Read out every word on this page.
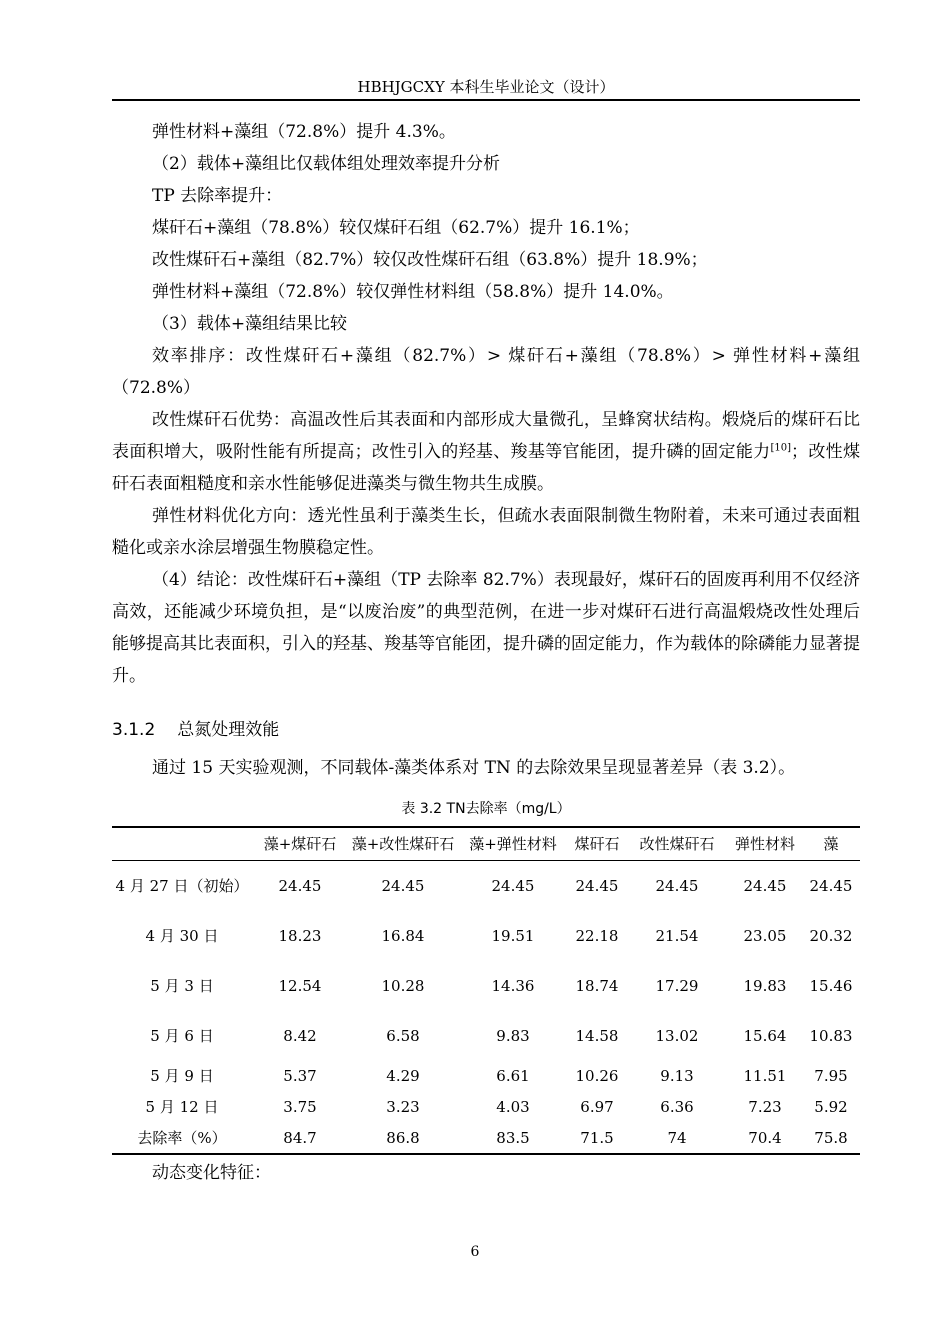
HBHJGCXY 本科生毕业论文（设计）

弹性材料+藻组（72.8%）提升 4.3%。

（2）载体+藻组比仅载体组处理效率提升分析

TP 去除率提升：

煤矸石+藻组（78.8%）较仅煤矸石组（62.7%）提升 16.1%；

改性煤矸石+藻组（82.7%）较仅改性煤矸石组（63.8%）提升 18.9%；

弹性材料+藻组（72.8%）较仅弹性材料组（58.8%）提升 14.0%。

（3）载体+藻组结果比较

效率排序：改性煤矸石+藻组（82.7%）> 煤矸石+藻组（78.8%）> 弹性材料+藻组（72.8%）

改性煤矸石优势：高温改性后其表面和内部形成大量微孔，呈蜂窝状结构。煅烧后的煤矸石比表面积增大，吸附性能有所提高；改性引入的羟基、羧基等官能团，提升磷的固定能力[10]；改性煤矸石表面粗糙度和亲水性能够促进藻类与微生物共生成膜。

弹性材料优化方向：透光性虽利于藻类生长，但疏水表面限制微生物附着，未来可通过表面粗糙化或亲水涂层增强生物膜稳定性。

（4）结论：改性煤矸石+藻组（TP 去除率 82.7%）表现最好，煤矸石的固废再利用不仅经济高效，还能减少环境负担，是“以废治废”的典型范例，在进一步对煤矸石进行高温煅烧改性处理后能够提高其比表面积，引入的羟基、羧基等官能团，提升磷的固定能力，作为载体的除磷能力显著提升。

3.1.2 总氮处理效能

通过 15 天实验观测，不同载体-藻类体系对 TN 的去除效果呈现显著差异（表 3.2）。

表 3.2 TN去除率（mg/L）
	藻+煤矸石	藻+改性煤矸石	藻+弹性材料	煤矸石	改性煤矸石	弹性材料	藻
4 月 27 日（初始）	24.45	24.45	24.45	24.45	24.45	24.45	24.45
4 月 30 日	18.23	16.84	19.51	22.18	21.54	23.05	20.32
5 月 3 日	12.54	10.28	14.36	18.74	17.29	19.83	15.46
5 月 6 日	8.42	6.58	9.83	14.58	13.02	15.64	10.83
5 月 9 日	5.37	4.29	6.61	10.26	9.13	11.51	7.95
5 月 12 日	3.75	3.23	4.03	6.97	6.36	7.23	5.92
去除率（%）	84.7	86.8	83.5	71.5	74	70.4	75.8

动态变化特征：

6
